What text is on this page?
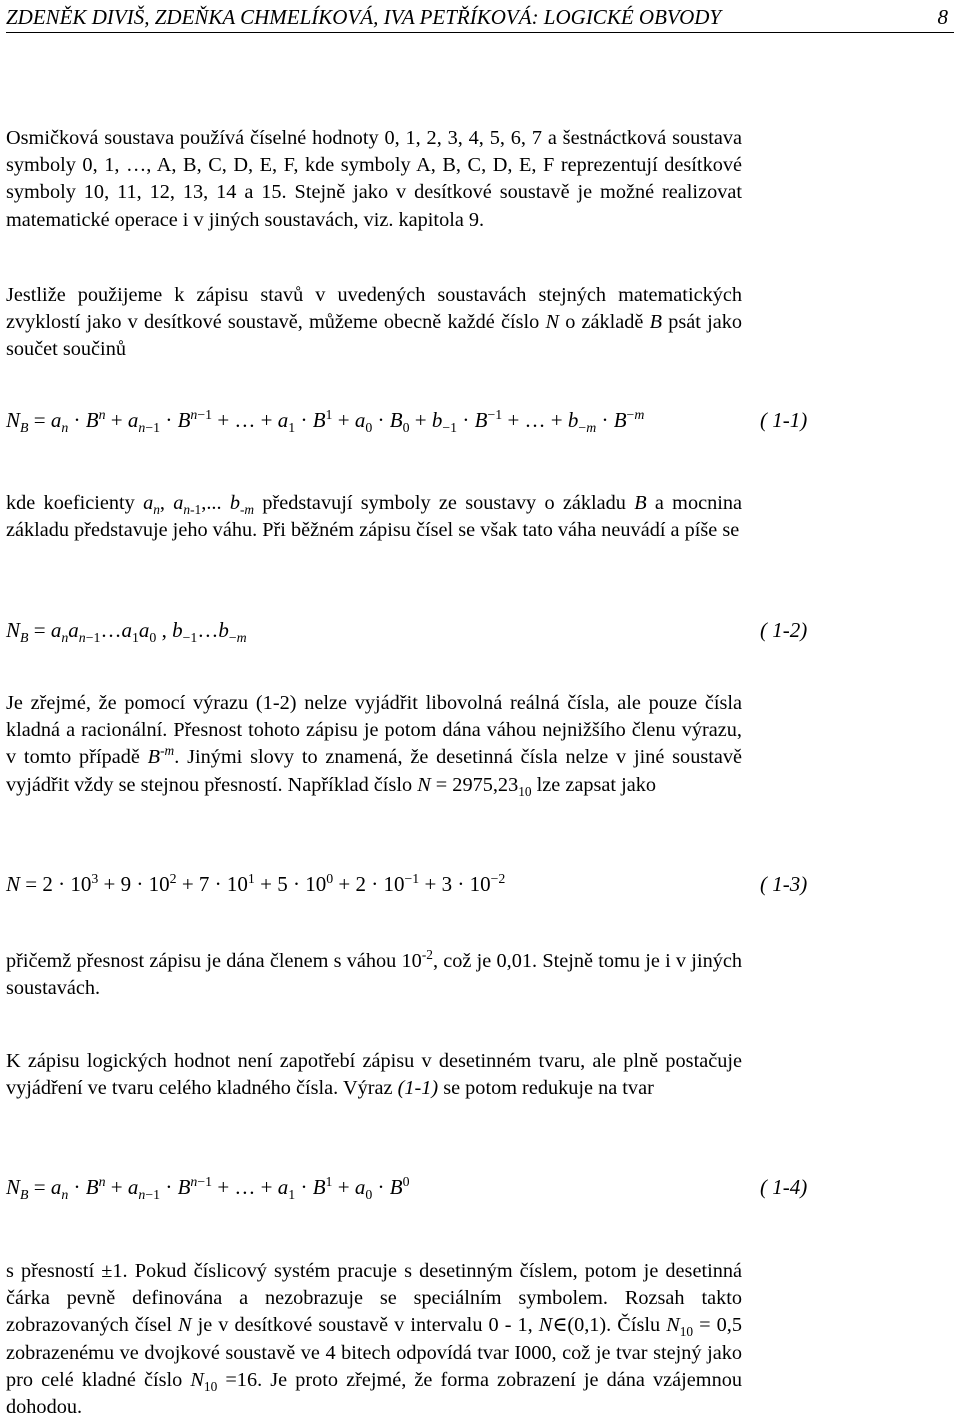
ZDENĚK DIVIŠ, ZDEŇKA CHMELÍKOVÁ, IVA PETŘÍKOVÁ: LOGICKÉ OBVODY	8

Osmičková soustava používá číselné hodnoty 0, 1, 2, 3, 4, 5, 6, 7 a šestnáctková soustava symboly 0, 1, …, A, B, C, D, E, F, kde symboly A, B, C, D, E, F reprezentují desítkové symboly 10, 11, 12, 13, 14 a 15. Stejně jako v desítkové soustavě je možné realizovat matematické operace i v jiných soustavách, viz. kapitola 9.

Jestliže použijeme k zápisu stavů v uvedených soustavách stejných matematických zvyklostí jako v desítkové soustavě, můžeme obecně každé číslo N o základě B psát jako součet součinů

$N_B = a_n \cdot B^n + a_{n-1} \cdot B^{n-1}$ + … + $a_1 \cdot B^1 + a_0 \cdot B_0 + b_{-1} \cdot B^{-1}$ + … + $b_{-m} \cdot B^{-m}$	( 1-1)

kde koeficienty $a_n$, $a_{n-1}$,... $b_{-m}$ představují symboly ze soustavy o základu B a mocnina základu představuje jeho váhu. Při běžném zápisu čísel se však tato váha neuvádí a píše se

$N_B$ = $a_na_{n-1}\dots a_1a_0$ , $b_{-1}\dots b_{-m}$	( 1-2)

Je zřejmé, že pomocí výrazu (1-2) nelze vyjádřit libovolná reálná čísla, ale pouze čísla kladná a racionální. Přesnost tohoto zápisu je potom dána váhou nejnižšího členu výrazu, v tomto případě $B^{-m}$. Jinými slovy to znamená, že desetinná čísla nelze v jiné soustavě vyjádřit vždy se stejnou přesností. Například číslo $N = 2975,23_{10}$ lze zapsat jako

$N = 2 \cdot 10^3 + 9 \cdot 10^2 + 7 \cdot 10^1 + 5 \cdot 10^0 + 2 \cdot 10^{-1} + 3 \cdot 10^{-2}$	( 1-3)

přičemž přesnost zápisu je dána členem s váhou $10^{-2}$, což je 0,01. Stejně tomu je i v jiných soustavách.

K zápisu logických hodnot není zapotřebí zápisu v desetinném tvaru, ale plně postačuje vyjádření ve tvaru celého kladného čísla. Výraz (1-1) se potom redukuje na tvar

$N_B = a_n \cdot B^n + a_{n-1} \cdot B^{n-1}$ + … + $a_1 \cdot B^1 + a_0 \cdot B^0$	( 1-4)

s přesností ±1. Pokud číslicový systém pracuje s desetinným číslem, potom je desetinná čárka pevně definována a nezobrazuje se speciálním symbolem. Rozsah takto zobrazovaných čísel N je v desítkové soustavě v intervalu 0 - 1, N∈(0,1). Číslu $N_{10} = 0,5$ zobrazenému ve dvojkové soustavě ve 4 bitech odpovídá tvar I000, což je tvar stejný jako pro celé kladné číslo $N_{10} =16$. Je proto zřejmé, že forma zobrazení je dána vzájemnou dohodou.
